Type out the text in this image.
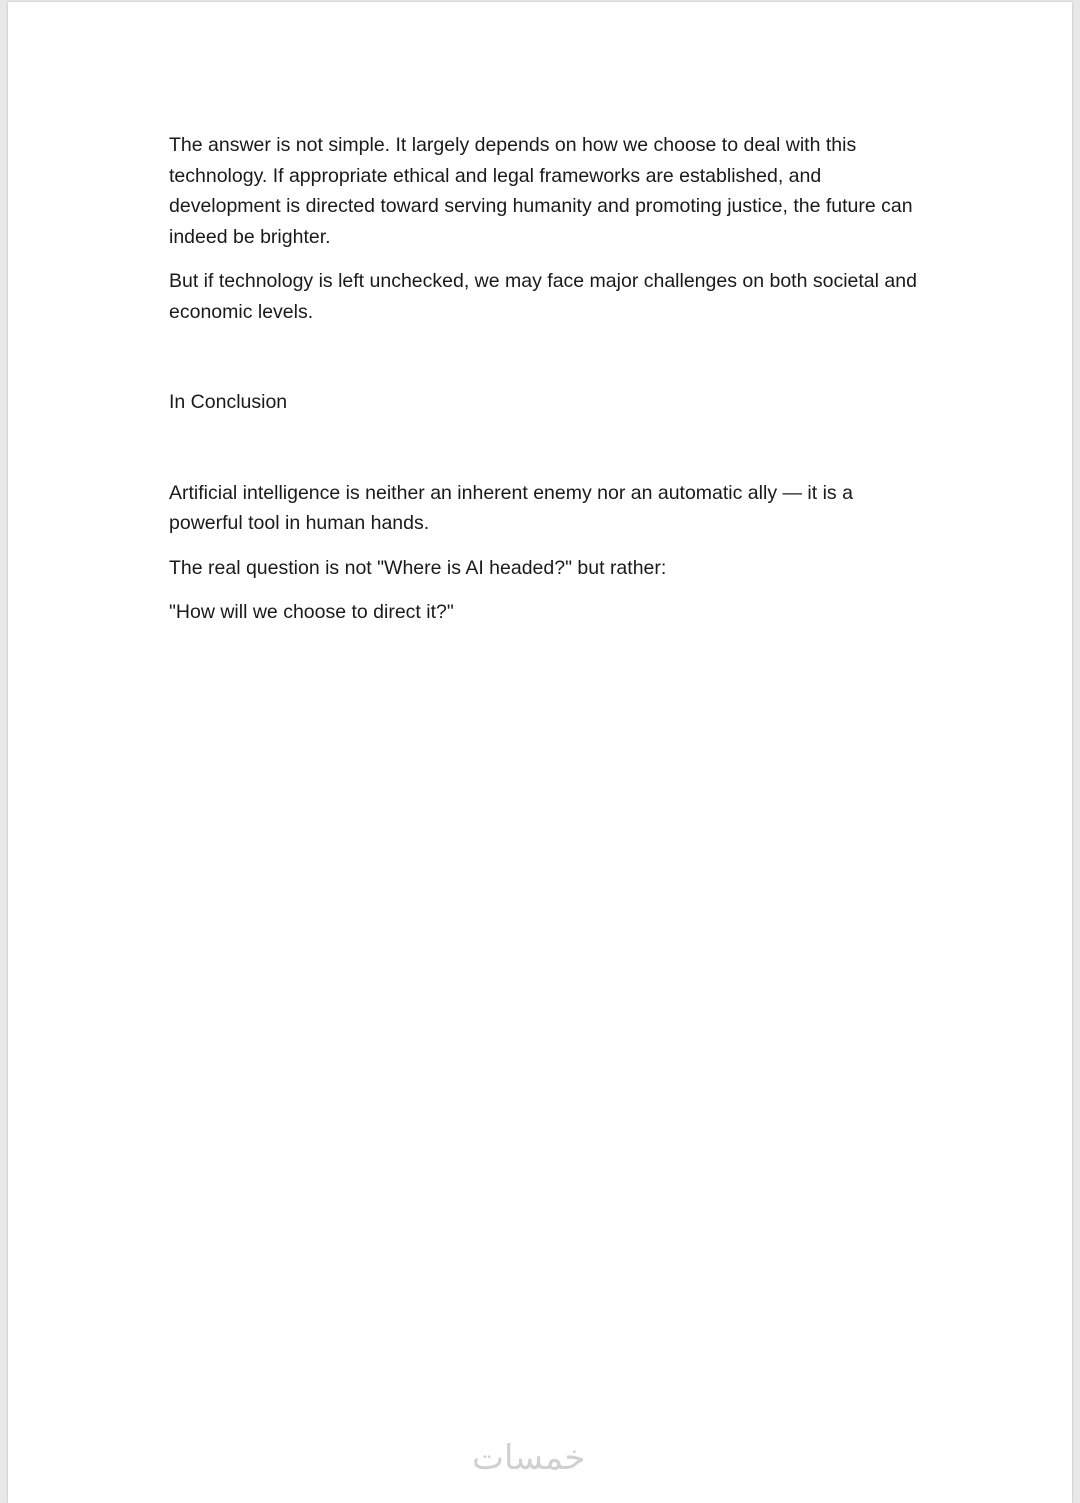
The answer is not simple. It largely depends on how we choose to deal with this technology. If appropriate ethical and legal frameworks are established, and development is directed toward serving humanity and promoting justice, the future can indeed be brighter.

But if technology is left unchecked, we may face major challenges on both societal and economic levels.

In Conclusion

Artificial intelligence is neither an inherent enemy nor an automatic ally — it is a powerful tool in human hands.

The real question is not "Where is AI headed?" but rather:

"How will we choose to direct it?"

خمسات
